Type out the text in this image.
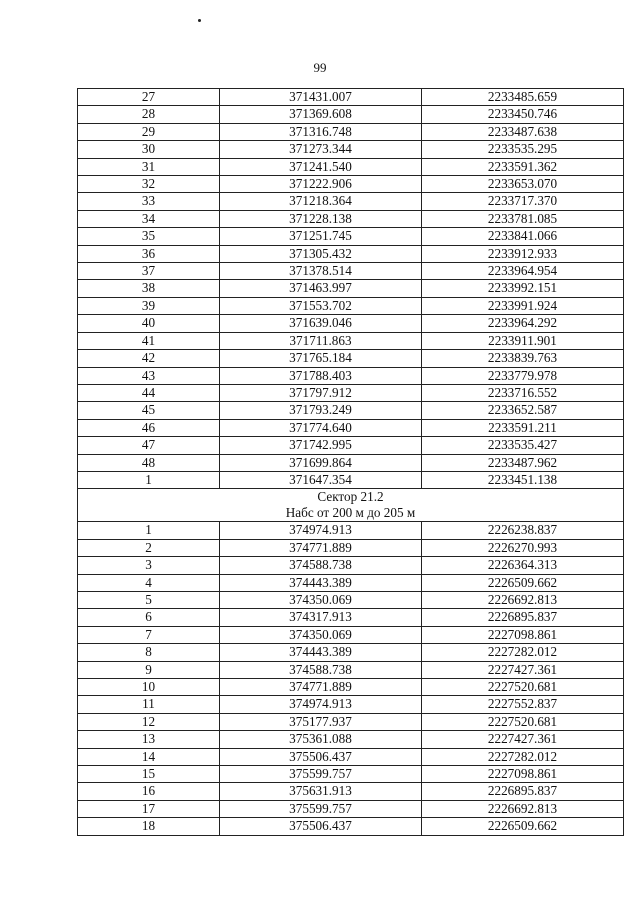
99
27	371431.007	2233485.659
28	371369.608	2233450.746
29	371316.748	2233487.638
30	371273.344	2233535.295
31	371241.540	2233591.362
32	371222.906	2233653.070
33	371218.364	2233717.370
34	371228.138	2233781.085
35	371251.745	2233841.066
36	371305.432	2233912.933
37	371378.514	2233964.954
38	371463.997	2233992.151
39	371553.702	2233991.924
40	371639.046	2233964.292
41	371711.863	2233911.901
42	371765.184	2233839.763
43	371788.403	2233779.978
44	371797.912	2233716.552
45	371793.249	2233652.587
46	371774.640	2233591.211
47	371742.995	2233535.427
48	371699.864	2233487.962
1	371647.354	2233451.138

Сектор 21.2
Набс от 200 м до 205 м		

1	374974.913	2226238.837
2	374771.889	2226270.993
3	374588.738	2226364.313
4	374443.389	2226509.662
5	374350.069	2226692.813
6	374317.913	2226895.837
7	374350.069	2227098.861
8	374443.389	2227282.012
9	374588.738	2227427.361
10	374771.889	2227520.681
11	374974.913	2227552.837
12	375177.937	2227520.681
13	375361.088	2227427.361
14	375506.437	2227282.012
15	375599.757	2227098.861
16	375631.913	2226895.837
17	375599.757	2226692.813
18	375506.437	2226509.662
